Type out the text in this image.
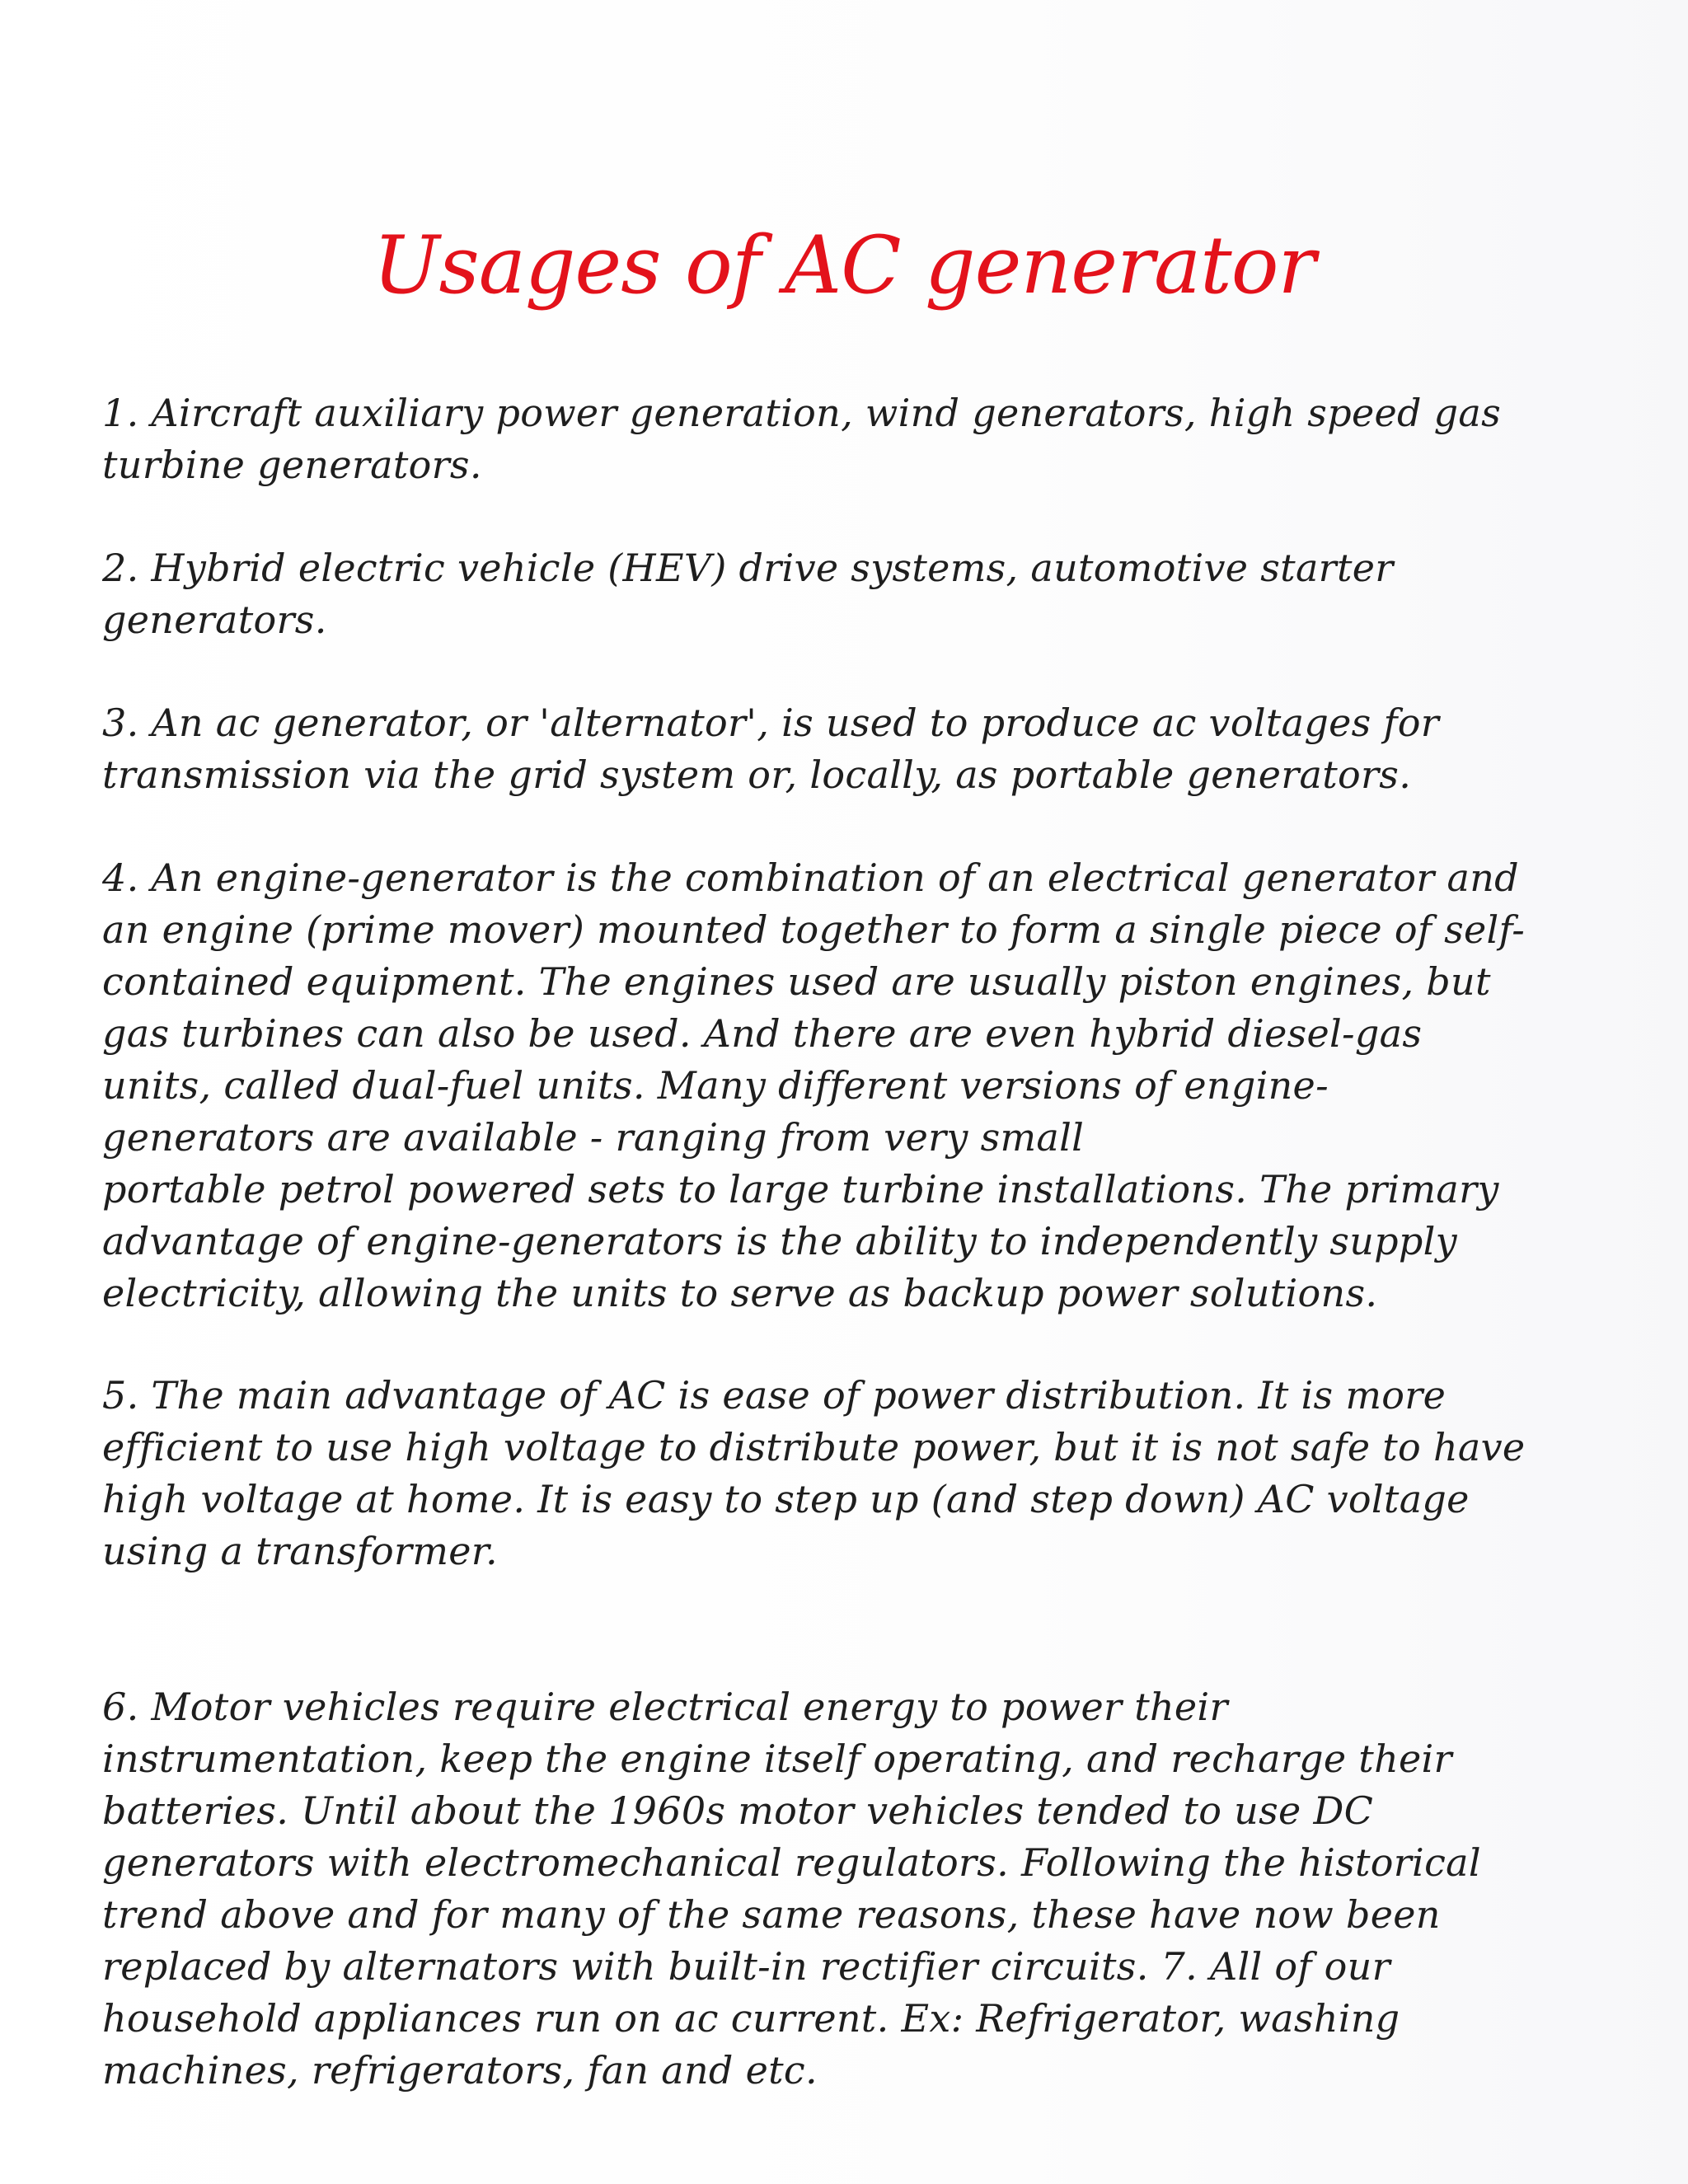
Usages of AC generator

1. Aircraft auxiliary power generation, wind generators, high speed gas
turbine generators.

2. Hybrid electric vehicle (HEV) drive systems, automotive starter
generators.

3. An ac generator, or 'alternator', is used to produce ac voltages for
transmission via the grid system or, locally, as portable generators.

4. An engine-generator is the combination of an electrical generator and
an engine (prime mover) mounted together to form a single piece of self-
contained equipment. The engines used are usually piston engines, but
gas turbines can also be used. And there are even hybrid diesel-gas
units, called dual-fuel units. Many different versions of engine-
generators are available - ranging from very small
portable petrol powered sets to large turbine installations. The primary
advantage of engine-generators is the ability to independently supply
electricity, allowing the units to serve as backup power solutions.

5. The main advantage of AC is ease of power distribution. It is more
efficient to use high voltage to distribute power, but it is not safe to have
high voltage at home. It is easy to step up (and step down) AC voltage
using a transformer.

6. Motor vehicles require electrical energy to power their
instrumentation, keep the engine itself operating, and recharge their
batteries. Until about the 1960s motor vehicles tended to use DC
generators with electromechanical regulators. Following the historical
trend above and for many of the same reasons, these have now been
replaced by alternators with built-in rectifier circuits. 7. All of our
household appliances run on ac current. Ex: Refrigerator, washing
machines, refrigerators, fan and etc.
